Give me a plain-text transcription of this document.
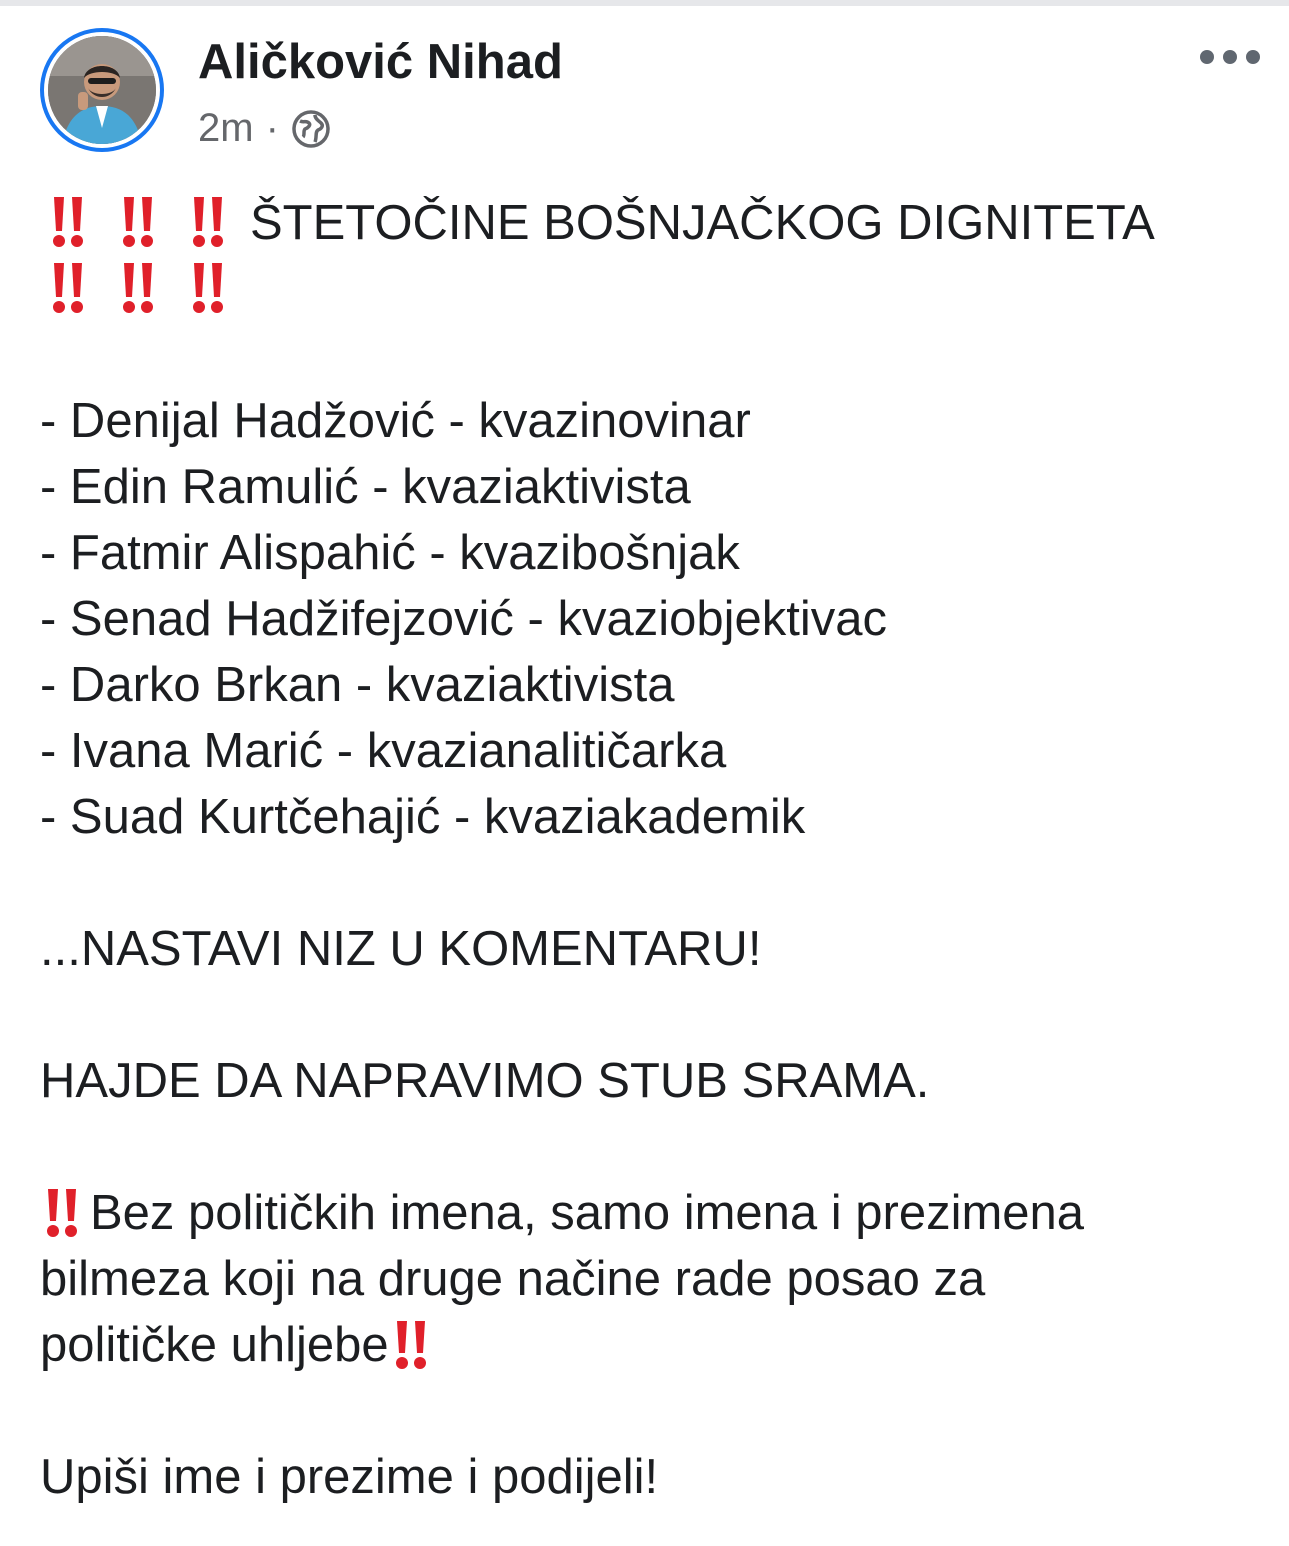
Aličković Nihad
2m ·
ŠTETOČINE BOŠNJAČKOG DIGNITETA
- Denijal Hadžović - kvazinovinar
- Edin Ramulić - kvaziaktivista
- Fatmir Alispahić - kvazibošnjak
- Senad Hadžifejzović - kvaziobjektivac
- Darko Brkan - kvaziaktivista
- Ivana Marić - kvazianalitičarka
- Suad Kurtčehajić - kvaziakademik
...NASTAVI NIZ U KOMENTARU!
HAJDE DA NAPRAVIMO STUB SRAMA.
Bez političkih imena, samo imena i prezimena
bilmeza koji na druge načine rade posao za
političke uhljebe
Upiši ime i prezime i podijeli!
